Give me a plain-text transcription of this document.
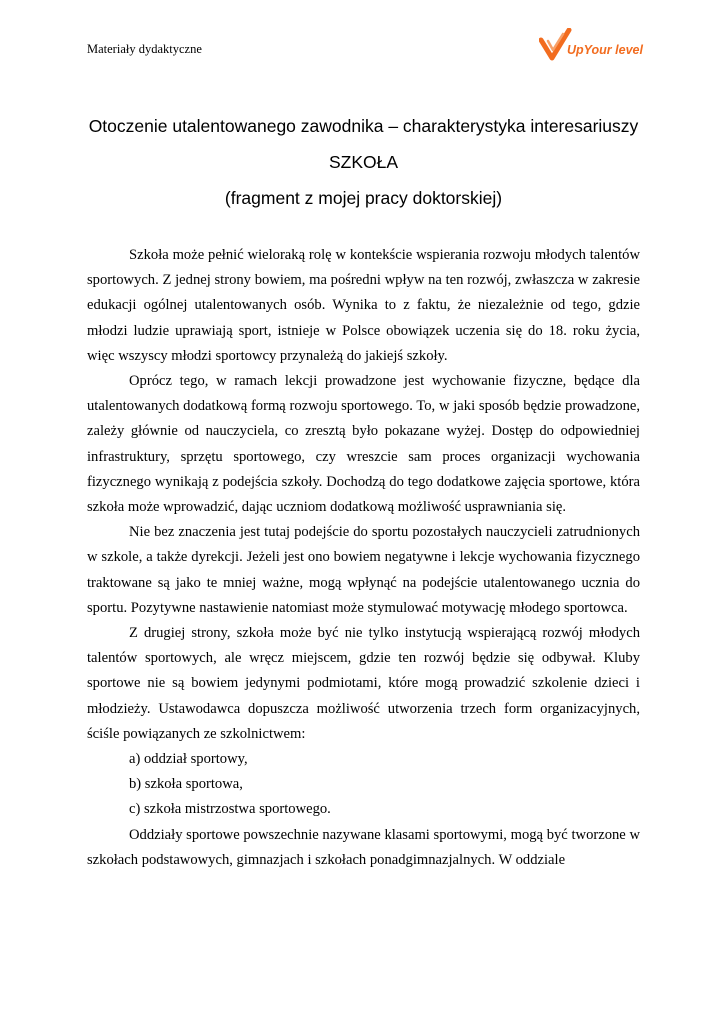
Materiały dydaktyczne	UpYour level
Otoczenie utalentowanego zawodnika – charakterystyka interesariuszy
SZKOŁA
(fragment z mojej pracy doktorskiej)

Szkoła może pełnić wieloraką rolę w kontekście wspierania rozwoju młodych talentów sportowych. Z jednej strony bowiem, ma pośredni wpływ na ten rozwój, zwłaszcza w zakresie edukacji ogólnej utalentowanych osób. Wynika to z faktu, że niezależnie od tego, gdzie młodzi ludzie uprawiają sport, istnieje w Polsce obowiązek uczenia się do 18. roku życia, więc wszyscy młodzi sportowcy przynależą do jakiejś szkoły.

Oprócz tego, w ramach lekcji prowadzone jest wychowanie fizyczne, będące dla utalentowanych dodatkową formą rozwoju sportowego. To, w jaki sposób będzie prowadzone, zależy głównie od nauczyciela, co zresztą było pokazane wyżej. Dostęp do odpowiedniej infrastruktury, sprzętu sportowego, czy wreszcie sam proces organizacji wychowania fizycznego wynikają z podejścia szkoły. Dochodzą do tego dodatkowe zajęcia sportowe, która szkoła może wprowadzić, dając uczniom dodatkową możliwość usprawniania się.

Nie bez znaczenia jest tutaj podejście do sportu pozostałych nauczycieli zatrudnionych w szkole, a także dyrekcji. Jeżeli jest ono bowiem negatywne i lekcje wychowania fizycznego traktowane są jako te mniej ważne, mogą wpłynąć na podejście utalentowanego ucznia do sportu. Pozytywne nastawienie natomiast może stymulować motywację młodego sportowca.

Z drugiej strony, szkoła może być nie tylko instytucją wspierającą rozwój młodych talentów sportowych, ale wręcz miejscem, gdzie ten rozwój będzie się odbywał. Kluby sportowe nie są bowiem jedynymi podmiotami, które mogą prowadzić szkolenie dzieci i młodzieży. Ustawodawca dopuszcza możliwość utworzenia trzech form organizacyjnych, ściśle powiązanych ze szkolnictwem:

a) oddział sportowy,

b) szkoła sportowa,

c) szkoła mistrzostwa sportowego.

Oddziały sportowe powszechnie nazywane klasami sportowymi, mogą być tworzone w szkołach podstawowych, gimnazjach i szkołach ponadgimnazjalnych. W oddziale
